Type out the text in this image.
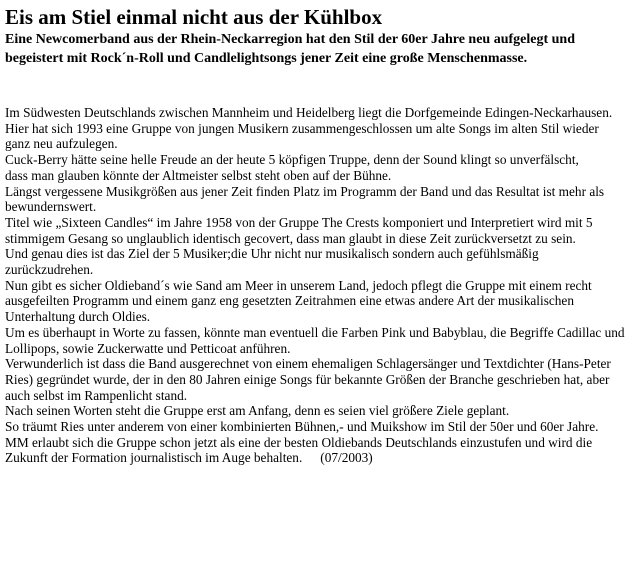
Eis am Stiel einmal nicht aus der Kühlbox

Eine Newcomerband aus der Rhein-Neckarregion hat den Stil der 60er Jahre neu aufgelegt und begeistert mit Rock´n-Roll und Candlelightsongs jener Zeit eine große Menschenmasse.

Im Südwesten Deutschlands zwischen Mannheim und Heidelberg liegt die Dorfgemeinde Edingen-Neckarhausen.
Hier hat sich 1993 eine Gruppe von jungen Musikern zusammengeschlossen um alte Songs im alten Stil wieder ganz neu aufzulegen.
Cuck-Berry hätte seine helle Freude an der heute 5 köpfigen Truppe, denn der Sound klingt so unverfälscht,
dass man glauben könnte der Altmeister selbst steht oben auf der Bühne.
Längst vergessene Musikgrößen aus jener Zeit finden Platz im Programm der Band und das Resultat ist mehr als bewundernswert.
Titel wie „Sixteen Candles“ im Jahre 1958 von der Gruppe The Crests komponiert und Interpretiert wird mit 5 stimmigem Gesang so unglaublich identisch gecovert, dass man glaubt in diese Zeit zurückversetzt zu sein.
Und genau dies ist das Ziel der 5 Musiker;die Uhr nicht nur musikalisch sondern auch gefühlsmäßig zurückzudrehen.
Nun gibt es sicher Oldieband´s wie Sand am Meer in unserem Land, jedoch pflegt die Gruppe mit einem recht ausgefeilten Programm und einem ganz eng gesetzten Zeitrahmen eine etwas andere Art der musikalischen Unterhaltung durch Oldies.
Um es überhaupt in Worte zu fassen, könnte man eventuell die Farben Pink und Babyblau, die Begriffe Cadillac und Lollipops, sowie Zuckerwatte und Petticoat anführen.
Verwunderlich ist dass die Band ausgerechnet von einem ehemaligen Schlagersänger und Textdichter (Hans-Peter Ries) gegründet wurde, der in den 80 Jahren einige Songs für bekannte Größen der Branche geschrieben hat, aber auch selbst im Rampenlicht stand.
Nach seinen Worten steht die Gruppe erst am Anfang, denn es seien viel größere Ziele geplant.
So träumt Ries unter anderem von einer kombinierten Bühnen,- und Muikshow im Stil der 50er und 60er Jahre.
MM erlaubt sich die Gruppe schon jetzt als eine der besten Oldiebands Deutschlands einzustufen und wird die Zukunft der Formation journalistisch im Auge behalten. (07/2003)
